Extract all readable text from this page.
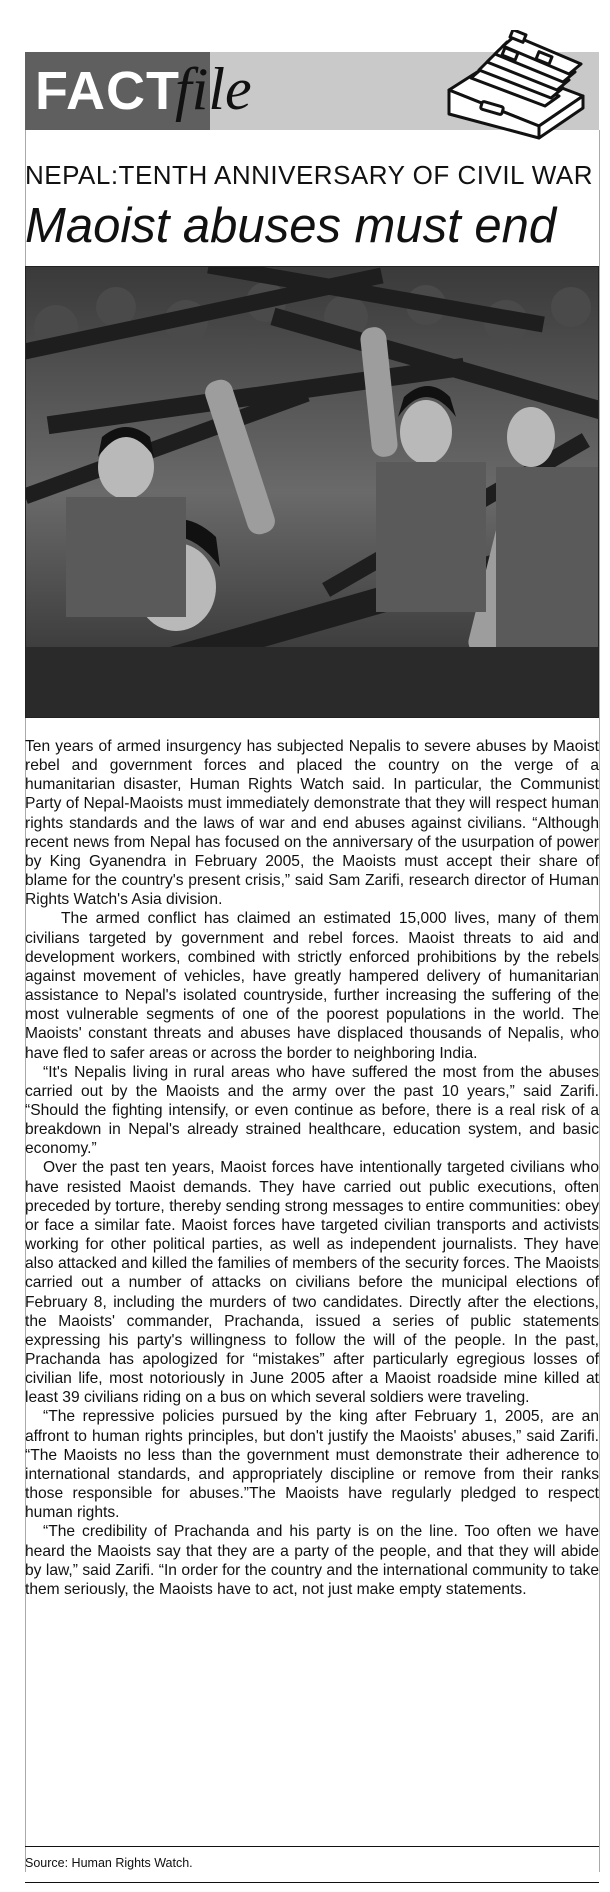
FACT
file
NEPAL:TENTH ANNIVERSARY OF CIVIL WAR
Maoist abuses must end

Ten years of armed insurgency has subjected Nepalis to severe abuses by Maoist rebel and government forces and placed the country on the verge of a humanitarian disaster, Human Rights Watch said. In particular, the Communist Party of Nepal-Maoists must immediately demonstrate that they will respect human rights standards and the laws of war and end abuses against civilians. “Although recent news from Nepal has focused on the anniversary of the usurpation of power by King Gyanendra in February 2005, the Maoists must accept their share of blame for the country's present crisis,” said Sam Zarifi, research director of Human Rights Watch's Asia division.

The armed conflict has claimed an estimated 15,000 lives, many of them civilians targeted by government and rebel forces. Maoist threats to aid and development workers, combined with strictly enforced prohibitions by the rebels against movement of vehicles, have greatly hampered delivery of humanitarian assistance to Nepal's isolated countryside, further increasing the suffering of the most vulnerable segments of one of the poorest populations in the world. The Maoists' constant threats and abuses have displaced thousands of Nepalis, who have fled to safer areas or across the border to neighboring India.

“It's Nepalis living in rural areas who have suffered the most from the abuses carried out by the Maoists and the army over the past 10 years,” said Zarifi. “Should the fighting intensify, or even continue as before, there is a real risk of a breakdown in Nepal's already strained healthcare, education system, and basic economy.”

Over the past ten years, Maoist forces have intentionally targeted civilians who have resisted Maoist demands. They have carried out public executions, often preceded by torture, thereby sending strong messages to entire communities: obey or face a similar fate. Maoist forces have targeted civilian transports and activists working for other political parties, as well as independent journalists. They have also attacked and killed the families of members of the security forces. The Maoists carried out a number of attacks on civilians before the municipal elections of February 8, including the murders of two candidates. Directly after the elections, the Maoists' commander, Prachanda, issued a series of public statements expressing his party's willingness to follow the will of the people. In the past, Prachanda has apologized for “mistakes” after particularly egregious losses of civilian life, most notoriously in June 2005 after a Maoist roadside mine killed at least 39 civilians riding on a bus on which several soldiers were traveling.

“The repressive policies pursued by the king after February 1, 2005, are an affront to human rights principles, but don't justify the Maoists' abuses,” said Zarifi. “The Maoists no less than the government must demonstrate their adherence to international standards, and appropriately discipline or remove from their ranks those responsible for abuses.”The Maoists have regularly pledged to respect human rights.

“The credibility of Prachanda and his party is on the line. Too often we have heard the Maoists say that they are a party of the people, and that they will abide by law,” said Zarifi. “In order for the country and the international community to take them seriously, the Maoists have to act, not just make empty statements.

Source: Human Rights Watch.
